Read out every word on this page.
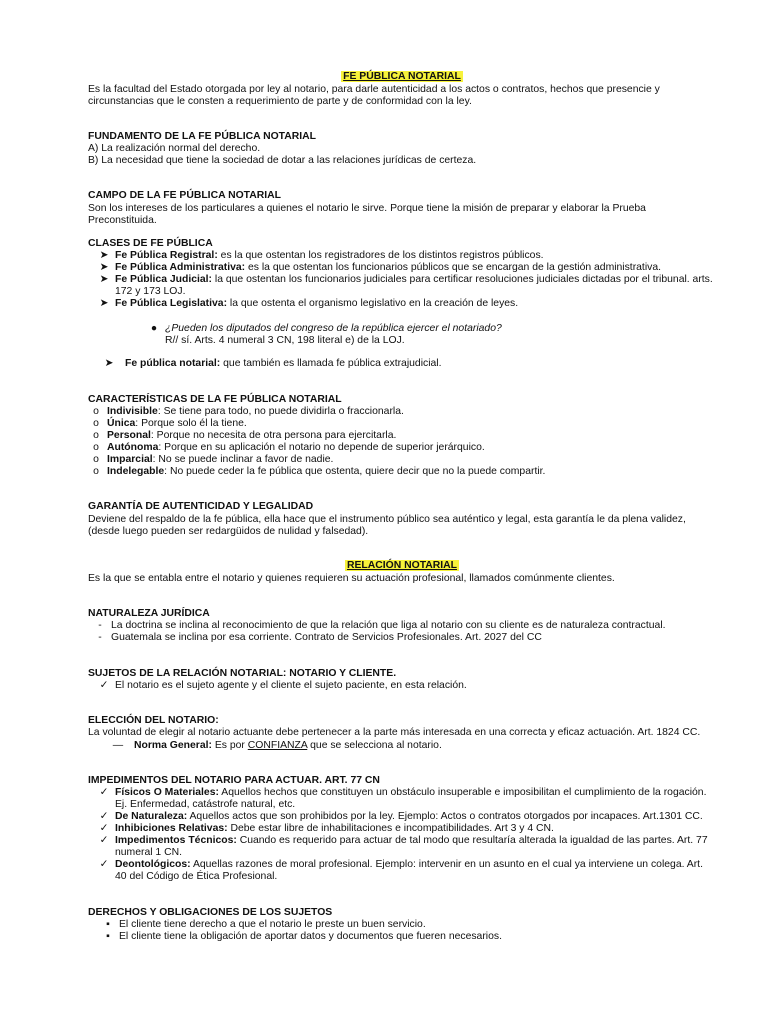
FE PÚBLICA NOTARIAL

Es la facultad del Estado otorgada por ley al notario, para darle autenticidad a los actos o contratos, hechos que presencie y circunstancias que le consten a requerimiento de parte y de conformidad con la ley.

FUNDAMENTO DE LA FE PÚBLICA NOTARIAL

A) La realización normal del derecho.

B) La necesidad que tiene la sociedad de dotar a las relaciones jurídicas de certeza.

CAMPO DE LA FE PÚBLICA NOTARIAL

Son los intereses de los particulares a quienes el notario le sirve. Porque tiene la misión de preparar y elaborar la Prueba Preconstituida.

CLASES DE FE PÚBLICA

➤ Fe Pública Registral: es la que ostentan los registradores de los distintos registros públicos.
➤ Fe Pública Administrativa: es la que ostentan los funcionarios públicos que se encargan de la gestión administrativa.
➤ Fe Pública Judicial: la que ostentan los funcionarios judiciales para certificar resoluciones judiciales dictadas por el tribunal. arts. 172 y 173 LOJ.
➤ Fe Pública Legislativa: la que ostenta el organismo legislativo en la creación de leyes.
● ¿Pueden los diputados del congreso de la república ejercer el notariado?
R// sí. Arts. 4 numeral 3 CN, 198 literal e) de la LOJ.
➤	Fe pública notarial: que también es llamada fe pública extrajudicial.

CARACTERÍSTICAS DE LA FE PÚBLICA NOTARIAL

o Indivisible: Se tiene para todo, no puede dividirla o fraccionarla.
o Única: Porque solo él la tiene.
o Personal: Porque no necesita de otra persona para ejercitarla.
o Autónoma: Porque en su aplicación el notario no depende de superior jerárquico.
o Imparcial: No se puede inclinar a favor de nadie.
o Indelegable: No puede ceder la fe pública que ostenta, quiere decir que no la puede compartir.

GARANTÍA DE AUTENTICIDAD Y LEGALIDAD

Deviene del respaldo de la fe pública, ella hace que el instrumento público sea auténtico y legal, esta garantía le da plena validez, (desde luego pueden ser redargüidos de nulidad y falsedad).

RELACIÓN NOTARIAL

Es la que se entabla entre el notario y quienes requieren su actuación profesional, llamados comúnmente clientes.

NATURALEZA JURÍDICA

- La doctrina se inclina al reconocimiento de que la relación que liga al notario con su cliente es de naturaleza contractual.
- Guatemala se inclina por esa corriente. Contrato de Servicios Profesionales. Art. 2027 del CC

SUJETOS DE LA RELACIÓN NOTARIAL: NOTARIO Y CLIENTE.

✓ El notario es el sujeto agente y el cliente el sujeto paciente, en esta relación.

ELECCIÓN DEL NOTARIO:

La voluntad de elegir al notario actuante debe pertenecer a la parte más interesada en una correcta y eficaz actuación. Art. 1824 CC.

— Norma General: Es por CONFIANZA que se selecciona al notario.

IMPEDIMENTOS DEL NOTARIO PARA ACTUAR. ART. 77 CN

✓ Físicos O Materiales: Aquellos hechos que constituyen un obstáculo insuperable e imposibilitan el cumplimiento de la rogación. Ej. Enfermedad, catástrofe natural, etc.
✓ De Naturaleza: Aquellos actos que son prohibidos por la ley. Ejemplo: Actos o contratos otorgados por incapaces. Art.1301 CC.
✓ Inhibiciones Relativas: Debe estar libre de inhabilitaciones e incompatibilidades. Art 3 y 4 CN.
✓ Impedimentos Técnicos: Cuando es requerido para actuar de tal modo que resultaría alterada la igualdad de las partes. Art. 77 numeral 1 CN.
✓ Deontológicos: Aquellas razones de moral profesional. Ejemplo: intervenir en un asunto en el cual ya interviene un colega. Art. 40 del Código de Ética Profesional.

DERECHOS Y OBLIGACIONES DE LOS SUJETOS

▪ El cliente tiene derecho a que el notario le preste un buen servicio.
▪ El cliente tiene la obligación de aportar datos y documentos que fueren necesarios.
